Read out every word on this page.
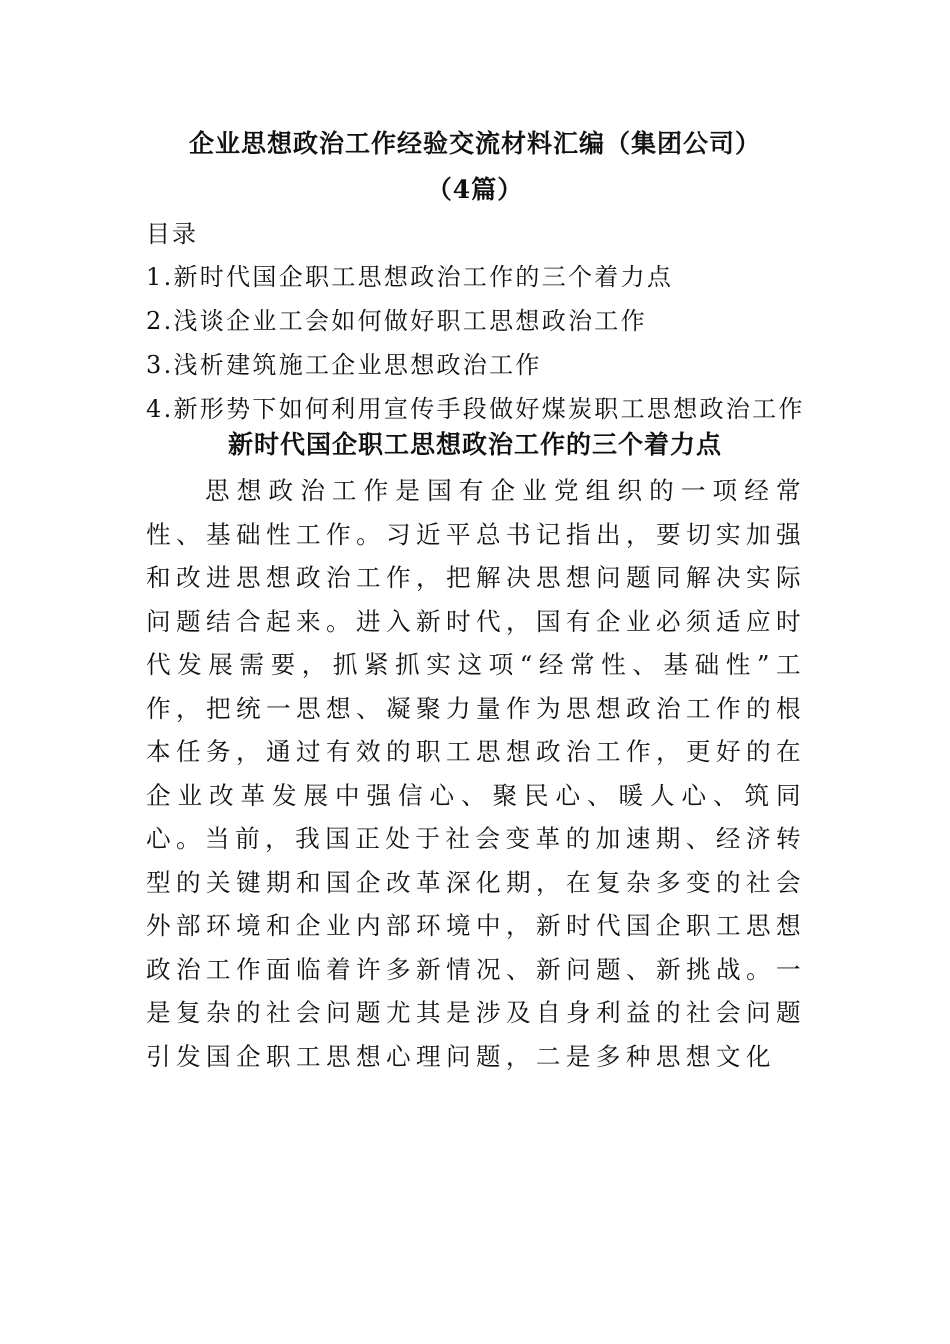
企业思想政治工作经验交流材料汇编（集团公司）
（4篇）
目录
1.新时代国企职工思想政治工作的三个着力点
2.浅谈企业工会如何做好职工思想政治工作
3.浅析建筑施工企业思想政治工作
4.新形势下如何利用宣传手段做好煤炭职工思想政治工作
新时代国企职工思想政治工作的三个着力点

思想政治工作是国有企业党组织的一项经常性、基础性工作。习近平总书记指出，要切实加强和改进思想政治工作，把解决思想问题同解决实际问题结合起来。进入新时代，国有企业必须适应时代发展需要，抓紧抓实这项“经常性、基础性”工作，把统一思想、凝聚力量作为思想政治工作的根本任务，通过有效的职工思想政治工作，更好的在企业改革发展中强信心、聚民心、暖人心、筑同心。 当前，我国正处于社会变革的加速期、经济转型的关键期和国企改革深化期，在复杂多变的社会外部环境和企业内部环境中，新时代国企职工思想政治工作面临着许多新情况、新问题、新挑战。一是复杂的社会问题尤其是涉及自身利益的社会问题引发国企职工思想心理问题，二是多种思想文化
